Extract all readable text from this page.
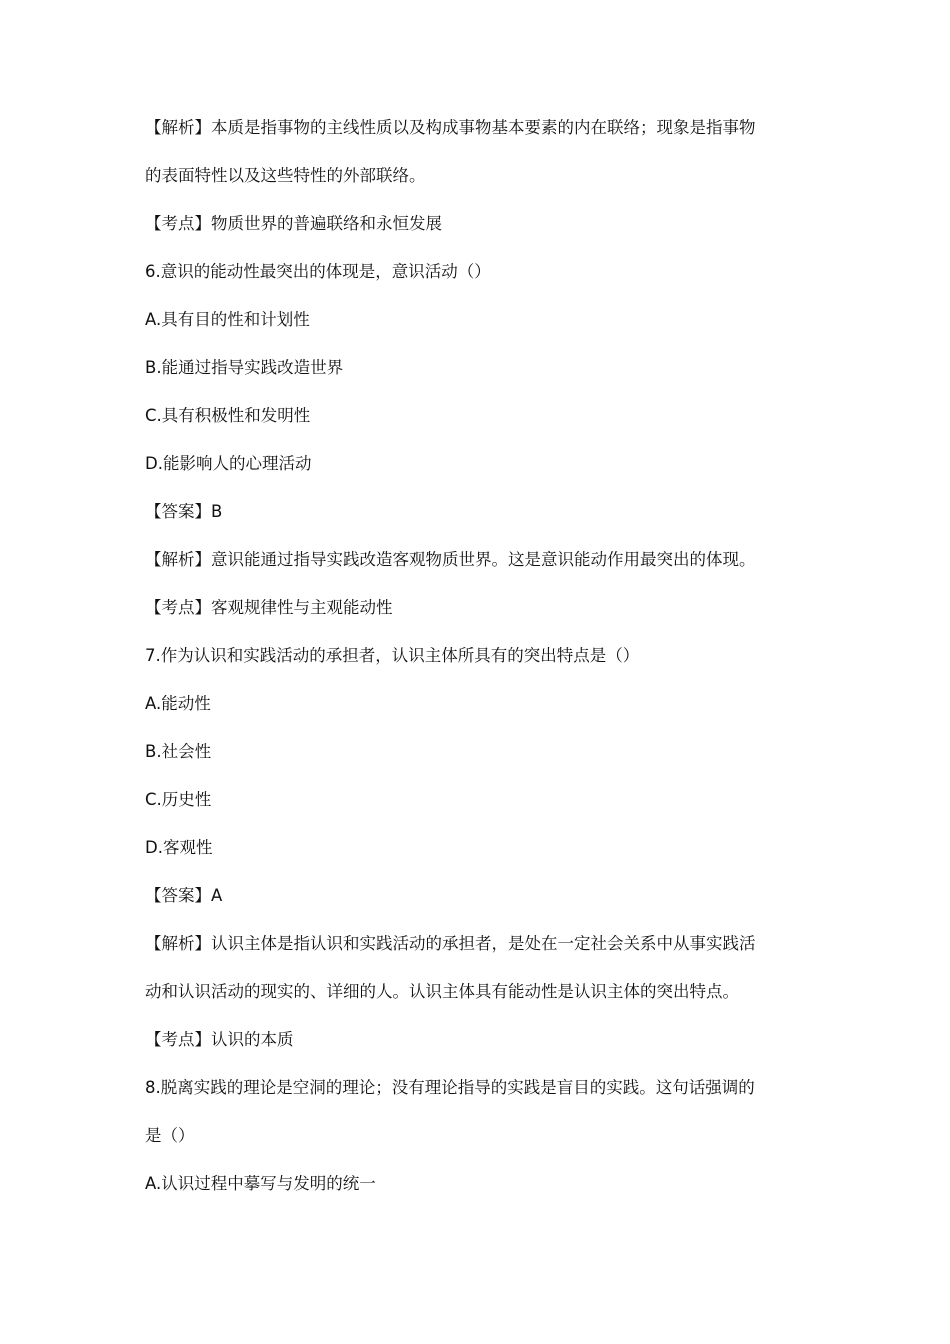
【解析】本质是指事物的主线性质以及构成事物基本要素的内在联络；现象是指事物
的表面特性以及这些特性的外部联络。
【考点】物质世界的普遍联络和永恒发展
6.意识的能动性最突出的体现是，意识活动（）
A.具有目的性和计划性
B.能通过指导实践改造世界
C.具有积极性和发明性
D.能影响人的心理活动
【答案】B
【解析】意识能通过指导实践改造客观物质世界。这是意识能动作用最突出的体现。
【考点】客观规律性与主观能动性
7.作为认识和实践活动的承担者，认识主体所具有的突出特点是（）
A.能动性
B.社会性
C.历史性
D.客观性
【答案】A
【解析】认识主体是指认识和实践活动的承担者，是处在一定社会关系中从事实践活
动和认识活动的现实的、详细的人。认识主体具有能动性是认识主体的突出特点。
【考点】认识的本质
8.脱离实践的理论是空洞的理论；没有理论指导的实践是盲目的实践。这句话强调的
是（）
A.认识过程中摹写与发明的统一
